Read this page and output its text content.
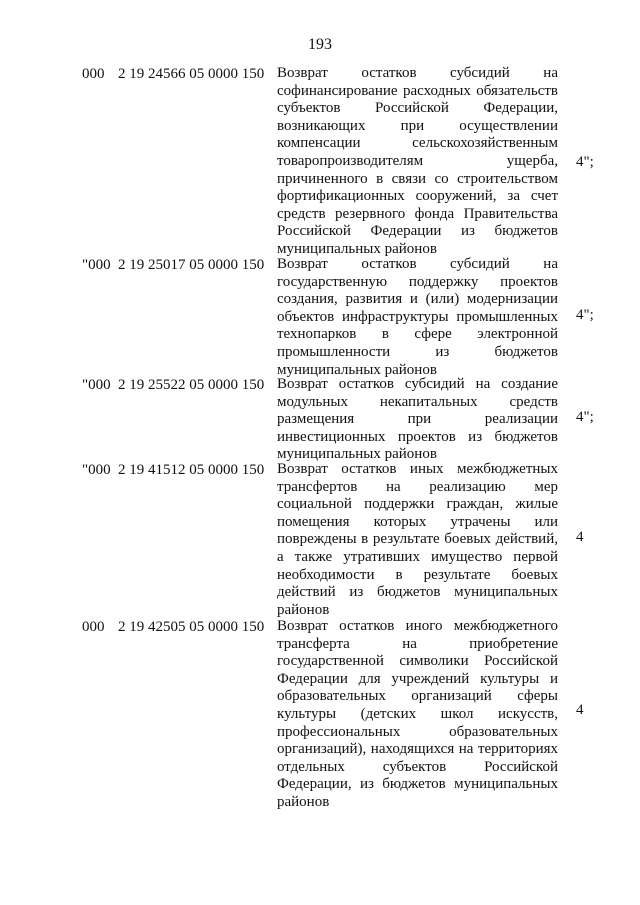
193
000 2 19 24566 05 0000 150 Возврат остатков субсидий на софинансирование расходных обязательств субъектов Российской Федерации, возникающих при осуществлении компенсации сельскохозяйственным товаропроизводителям ущерба, причиненного в связи со строительством фортификационных сооружений, за счет средств резервного фонда Правительства Российской Федерации из бюджетов муниципальных районов
4";
"000 2 19 25017 05 0000 150 Возврат остатков субсидий на государственную поддержку проектов создания, развития и (или) модернизации объектов инфраструктуры промышленных технопарков в сфере электронной промышленности из бюджетов муниципальных районов
4";
"000 2 19 25522 05 0000 150 Возврат остатков субсидий на создание модульных некапитальных средств размещения при реализации инвестиционных проектов из бюджетов муниципальных районов
4";
"000 2 19 41512 05 0000 150 Возврат остатков иных межбюджетных трансфертов на реализацию мер социальной поддержки граждан, жилые помещения которых утрачены или повреждены в результате боевых действий, а также утративших имущество первой необходимости в результате боевых действий из бюджетов муниципальных районов
4
000 2 19 42505 05 0000 150 Возврат остатков иного межбюджетного трансферта на приобретение государственной символики Российской Федерации для учреждений культуры и образовательных организаций сферы культуры (детских школ искусств, профессиональных образовательных организаций), находящихся на территориях отдельных субъектов Российской Федерации, из бюджетов муниципальных районов
4
